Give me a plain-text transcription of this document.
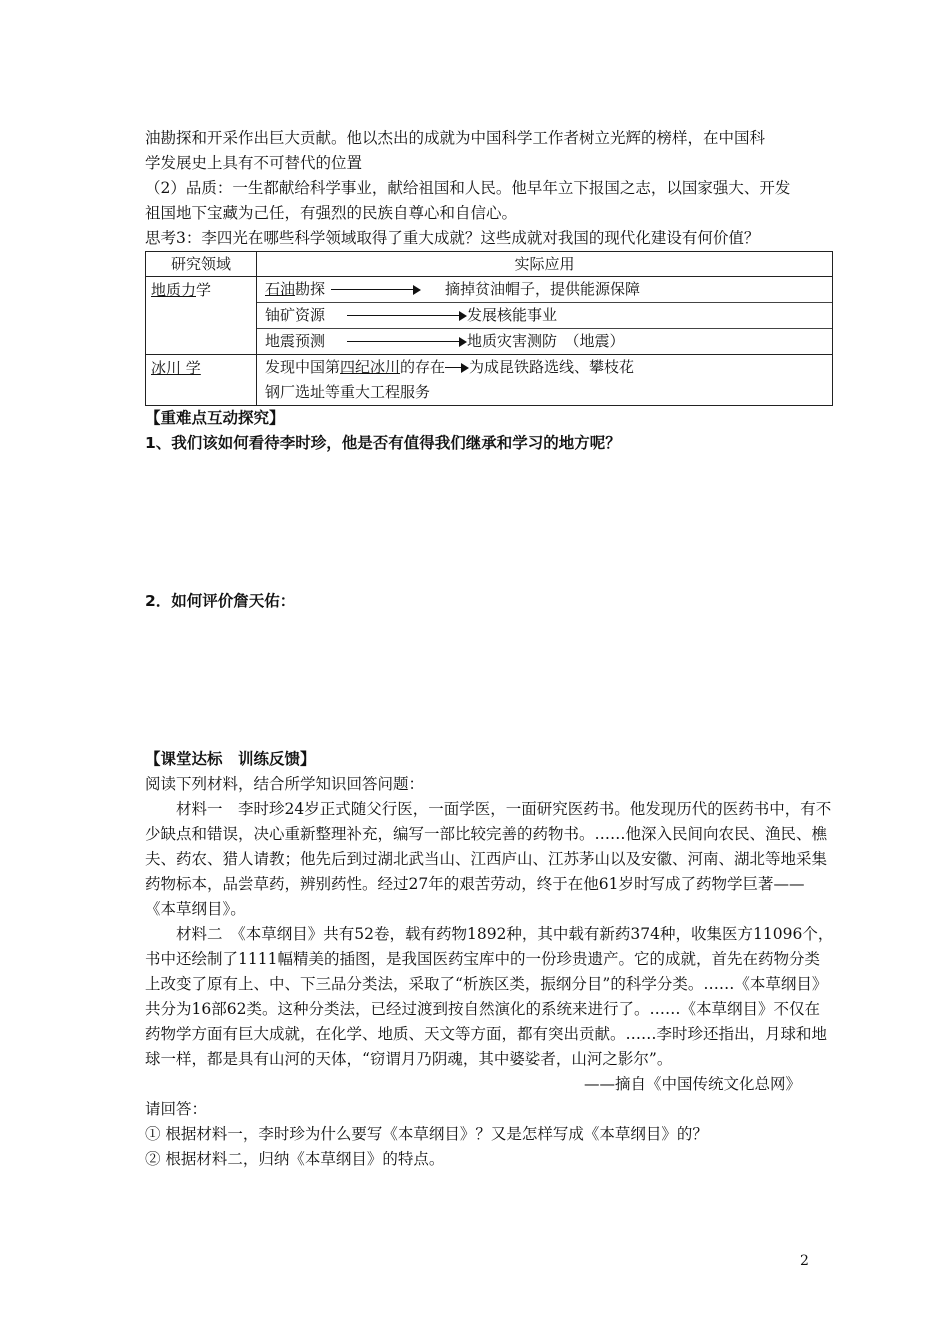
油勘探和开采作出巨大贡献。他以杰出的成就为中国科学工作者树立光辉的榜样，在中国科

学发展史上具有不可替代的位置

（2）品质：一生都献给科学事业，献给祖国和人民。他早年立下报国之志，以国家强大、开发

祖国地下宝藏为己任，有强烈的民族自尊心和自信心。

思考3：李四光在哪些科学领域取得了重大成就？这些成就对我国的现代化建设有何价值？

研究领域	实际应用
地质力学	石油勘探 摘掉贫油帽子，提供能源保障
铀矿资源 发展核能事业
地震预测 地质灾害测防　（地震）

冰川 学	发现中国第四纪冰川的存在 为成昆铁路选线、攀枝花
钢厂选址等重大工程服务

【重难点互动探究】

1、我们该如何看待李时珍，他是否有值得我们继承和学习的地方呢？

2．如何评价詹天佑：

【课堂达标　训练反馈】

阅读下列材料，结合所学知识回答问题：

材料一　李时珍24岁正式随父行医，一面学医，一面研究医药书。他发现历代的医药书中，有不少缺点和错误，决心重新整理补充，编写一部比较完善的药物书。……他深入民间向农民、渔民、樵夫、药农、猎人请教；他先后到过湖北武当山、江西庐山、江苏茅山以及安徽、河南、湖北等地采集药物标本，品尝草药，辨别药性。经过27年的艰苦劳动，终于在他61岁时写成了药物学巨著——《本草纲目》。

材料二　《本草纲目》共有52卷，载有药物1892种，其中载有新药374种，收集医方11096个，书中还绘制了1111幅精美的插图，是我国医药宝库中的一份珍贵遗产。它的成就，首先在药物分类上改变了原有上、中、下三品分类法，采取了“析族区类，振纲分目”的科学分类。……《本草纲目》共分为16部62类。这种分类法，已经过渡到按自然演化的系统来进行了。……《本草纲目》不仅在药物学方面有巨大成就，在化学、地质、天文等方面，都有突出贡献。……李时珍还指出，月球和地球一样，都是具有山河的天体，“窃谓月乃阴魂，其中婆娑者，山河之影尔”。

——摘自《中国传统文化总网》

请回答：

① 根据材料一，李时珍为什么要写《本草纲目》？又是怎样写成《本草纲目》的？

② 根据材料二，归纳《本草纲目》的特点。

2
